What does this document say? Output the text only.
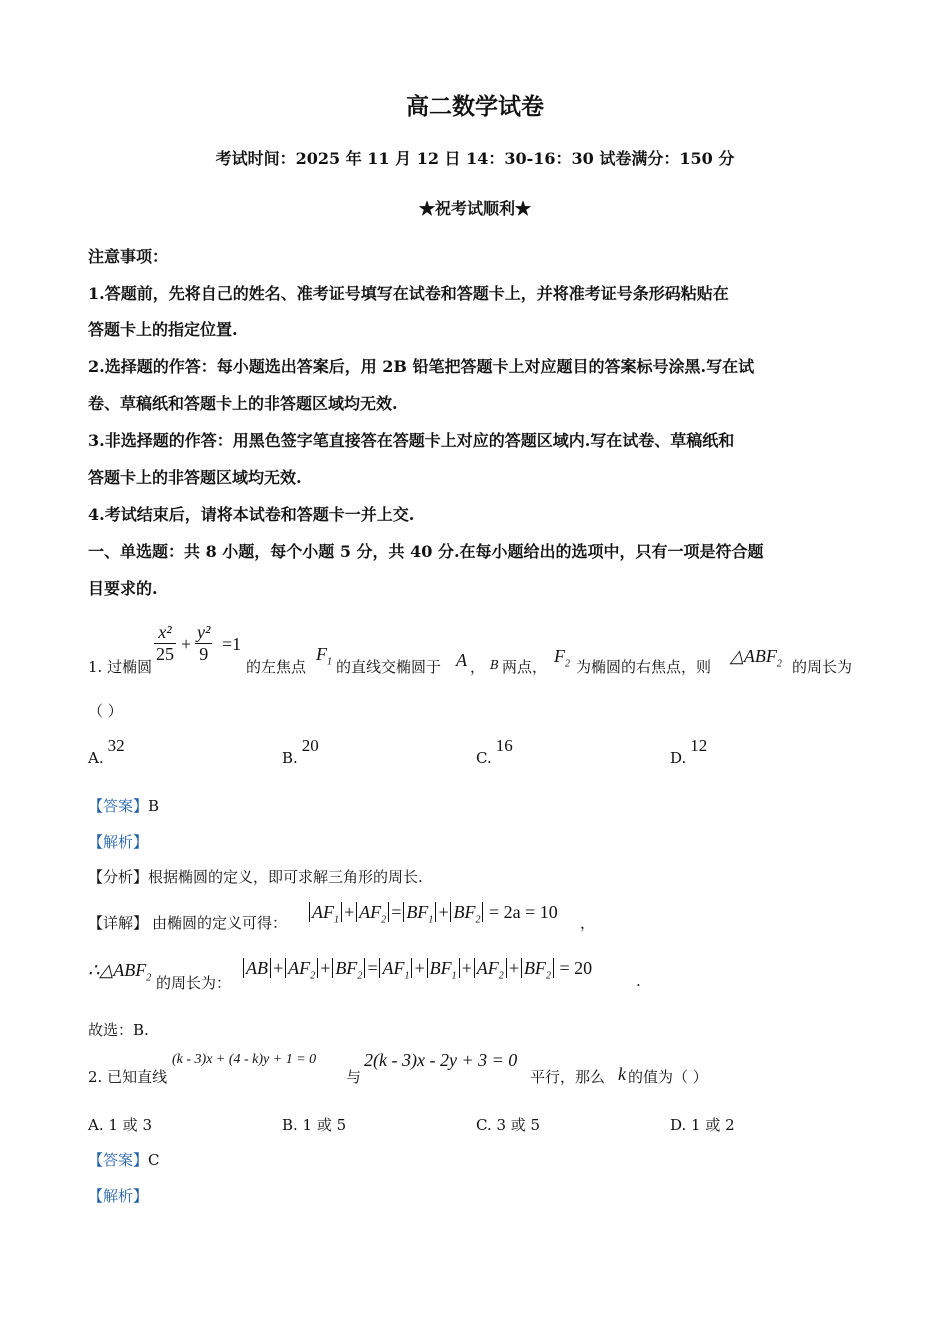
高二数学试卷
考试时间：2025 年 11 月 12 日 14：30-16：30 试卷满分：150 分
★祝考试顺利★
注意事项：
1.答题前，先将自己的姓名、准考证号填写在试卷和答题卡上，并将准考证号条形码粘贴在
答题卡上的指定位置.
2.选择题的作答：每小题选出答案后，用 2B 铅笔把答题卡上对应题目的答案标号涂黑.写在试
卷、草稿纸和答题卡上的非答题区域均无效.
3.非选择题的作答：用黑色签字笔直接答在答题卡上对应的答题区域内.写在试卷、草稿纸和
答题卡上的非答题区域均无效.
4.考试结束后，请将本试卷和答题卡一并上交.
一、单选题：共 8 小题，每个小题 5 分，共 40 分.在每小题给出的选项中，只有一项是符合题
目要求的.
1. 过椭圆
$\frac{\text{x²}}{25} + \frac{\text{y²}}{9} =1$
的左焦点
$F_1$ 的直线交椭圆于 A ， B 两点，
$F_2$ 为椭圆的右焦点，则
$\triangle ABF_2$ 的周长为
（ ）
A.32
B.20
C.16
D.12
【答案】B
【解析】
【分析】根据椭圆的定义，即可求解三角形的周长.
【详解】 由椭圆的定义可得：
$AF_1 + AF_2 = BF_1 + BF_2 = 2a = 10$
，
$\therefore\triangle ABF_2$ 的周长为：
AB + $AF_2 + BF_2 = AF_1 + BF_1 + AF_2 + BF_2 = 20$
.
故选：B.
2. 已知直线
(k - 3)x + (4 - k)y + 1 = 0
与
2(k - 3)x - 2y + 3 = 0
平行，那么 k 的值为（ ）
A. 1 或 3	B. 1 或 5	C. 3 或 5	D. 1 或 2
【答案】C
【解析】
